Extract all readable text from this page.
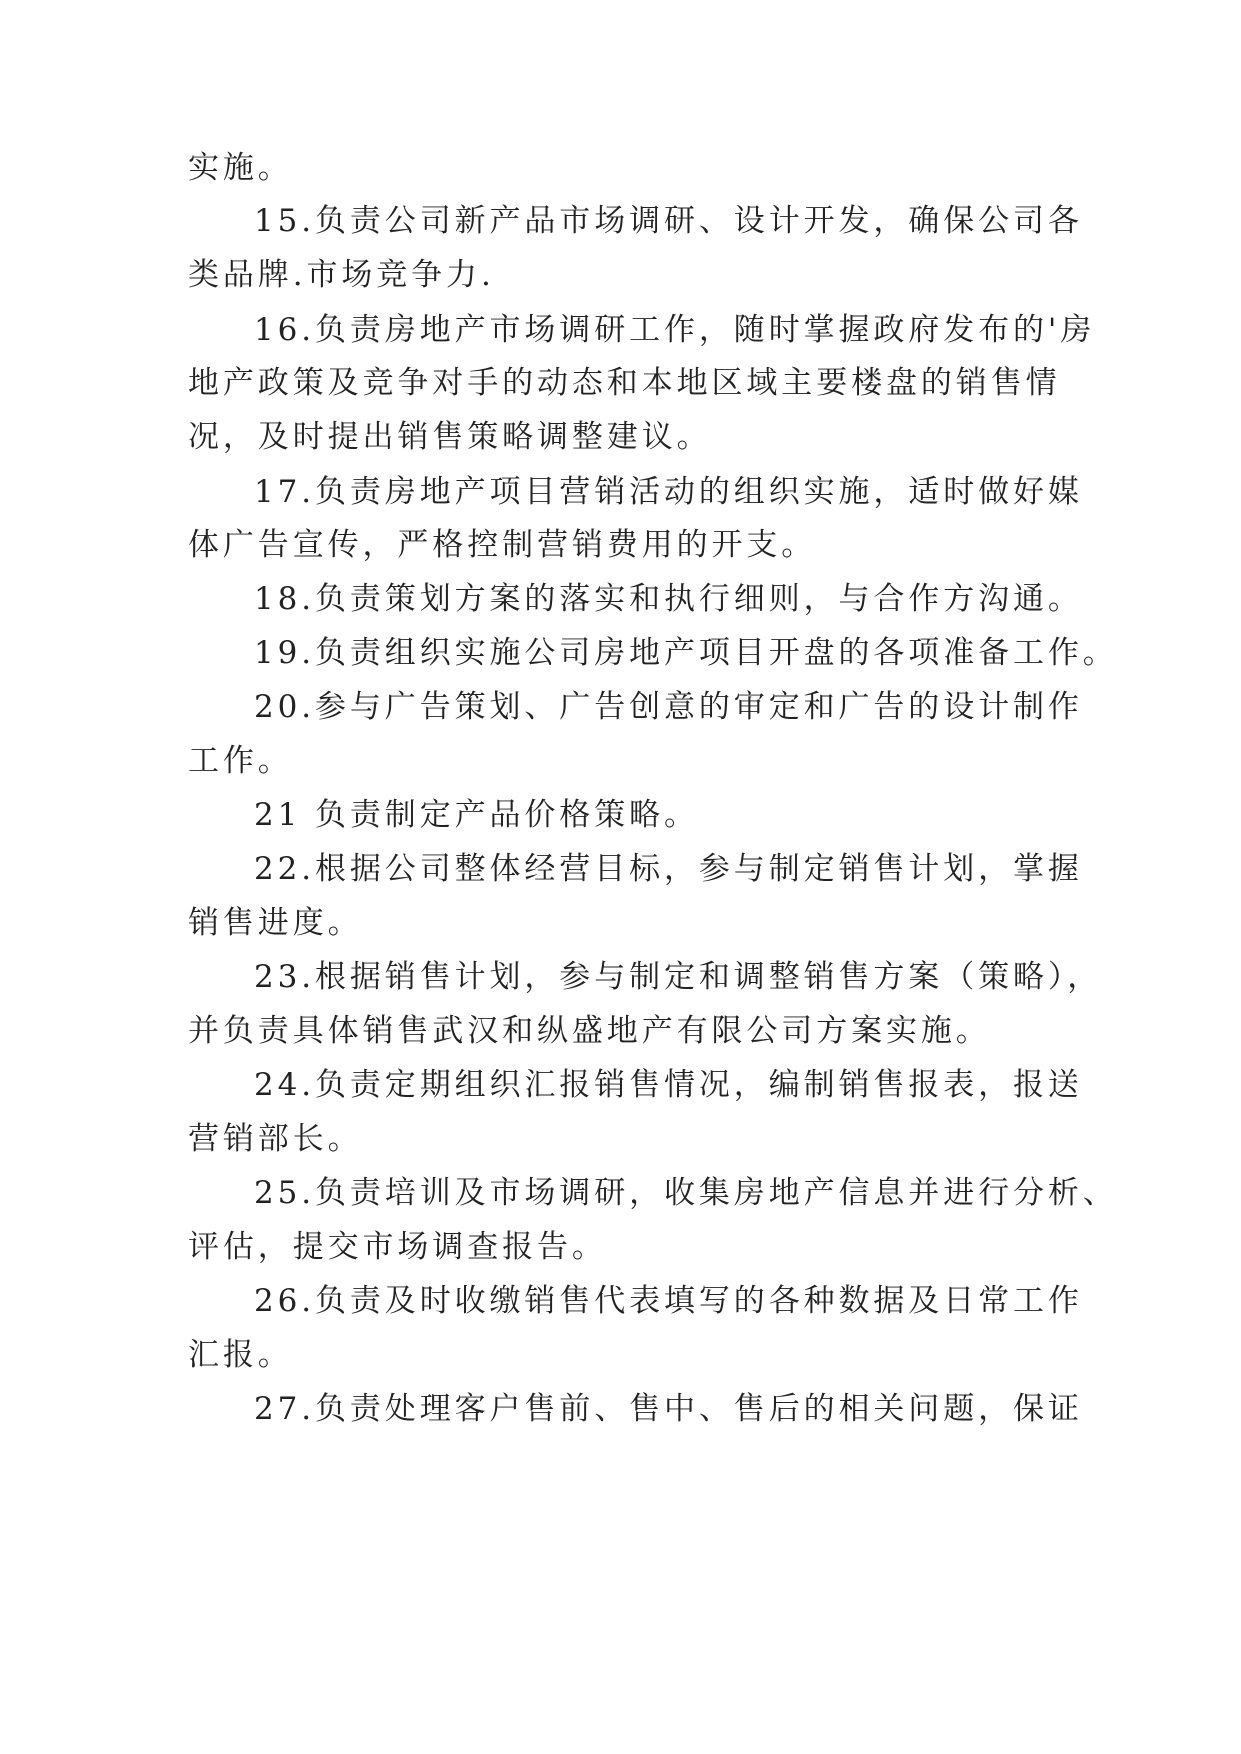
实施。
15.负责公司新产品市场调研、设计开发，确保公司各
类品牌.市场竞争力.
16.负责房地产市场调研工作，随时掌握政府发布的'房
地产政策及竞争对手的动态和本地区域主要楼盘的销售情
况，及时提出销售策略调整建议。
17.负责房地产项目营销活动的组织实施，适时做好媒
体广告宣传，严格控制营销费用的开支。
18.负责策划方案的落实和执行细则，与合作方沟通。
19.负责组织实施公司房地产项目开盘的各项准备工作。
20.参与广告策划、广告创意的审定和广告的设计制作
工作。
21 负责制定产品价格策略。
22.根据公司整体经营目标，参与制定销售计划，掌握
销售进度。
23.根据销售计划，参与制定和调整销售方案（策略），
并负责具体销售武汉和纵盛地产有限公司方案实施。
24.负责定期组织汇报销售情况，编制销售报表，报送
营销部长。
25.负责培训及市场调研，收集房地产信息并进行分析、
评估，提交市场调查报告。
26.负责及时收缴销售代表填写的各种数据及日常工作
汇报。
27.负责处理客户售前、售中、售后的相关问题，保证
